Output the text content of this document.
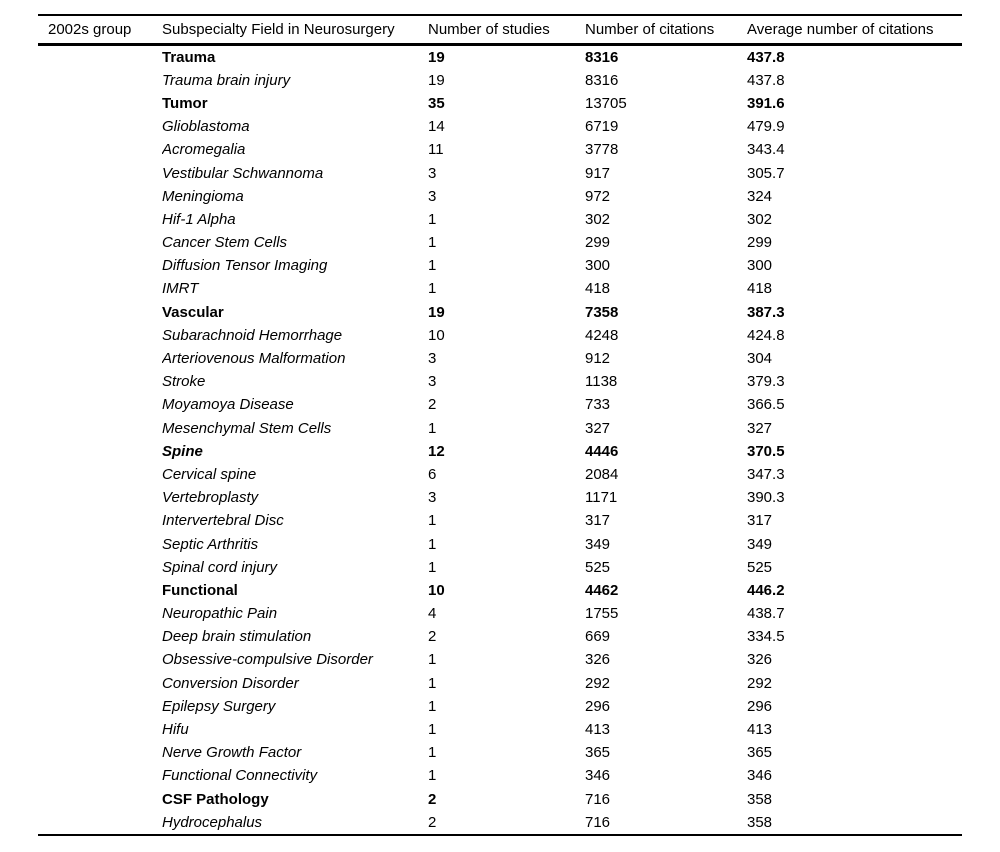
2002s group	Subspecialty Field in Neurosurgery	Number of studies	Number of citations	Average number of citations
	Trauma	19	8316	437.8
	Trauma brain injury	19	8316	437.8
	Tumor	35	13705	391.6
	Glioblastoma	14	6719	479.9
	Acromegalia	11	3778	343.4
	Vestibular Schwannoma	3	917	305.7
	Meningioma	3	972	324
	Hif-1 Alpha	1	302	302
	Cancer Stem Cells	1	299	299
	Diffusion Tensor Imaging	1	300	300
	IMRT	1	418	418
	Vascular	19	7358	387.3
	Subarachnoid Hemorrhage	10	4248	424.8
	Arteriovenous Malformation	3	912	304
	Stroke	3	1138	379.3
	Moyamoya Disease	2	733	366.5
	Mesenchymal Stem Cells	1	327	327
	Spine	12	4446	370.5
	Cervical spine	6	2084	347.3
	Vertebroplasty	3	1171	390.3
	Intervertebral Disc	1	317	317
	Septic Arthritis	1	349	349
	Spinal cord injury	1	525	525
	Functional	10	4462	446.2
	Neuropathic Pain	4	1755	438.7
	Deep brain stimulation	2	669	334.5
	Obsessive-compulsive Disorder	1	326	326
	Conversion Disorder	1	292	292
	Epilepsy Surgery	1	296	296
	Hifu	1	413	413
	Nerve Growth Factor	1	365	365
	Functional Connectivity	1	346	346
	CSF Pathology	2	716	358
	Hydrocephalus	2	716	358
